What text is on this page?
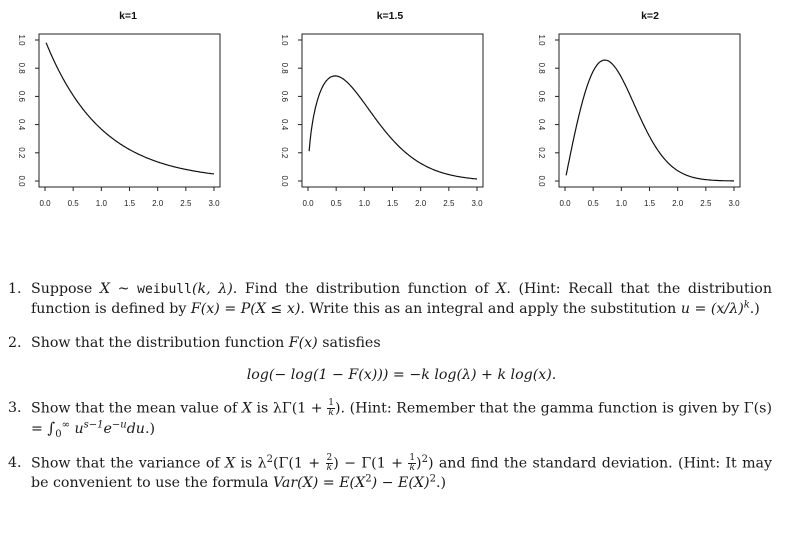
k=1
0.0 0.5 1.0 1.5 2.0 2.5 3.0
0.0
0.2
0.4
0.6
0.8
1.0
k=1.5
0.0 0.5 1.0 1.5 2.0 2.5 3.0
0.0
0.2
0.4
0.6
0.8
1.0
k=2
0.0 0.5 1.0 1.5 2.0 2.5 3.0
0.0
0.2
0.4
0.6
0.8
1.0
1. Suppose X ~ weibull(k, λ). Find the distribution function of X. (Hint: Recall that the distribution function is defined by F(x) = P(X ≤ x). Write this as an integral and apply the substitution $u = (x/\lambda)^k$.)
2. Show that the distribution function F(x) satisfies
log(− log(1 − F(x))) = −k log(λ) + k log(x).
3. Show that the mean value of X is $\lambda\Gamma(1 + \frac{1}{k}$ ). (Hint: Remember that the gamma function is given by $\Gamma(s) = \int_0^\infty$ $u^{s-1}e^{-u}du$.)
4. Show that the variance of X is $\lambda^2(\Gamma(1 + \frac{2}{k}$ ) − $\Gamma(1 + \frac{1}{k} )^2$) and find the standard deviation. (Hint: It may be convenient to use the formula $Var(X) = E(X^2) - E(X)^2$.)
